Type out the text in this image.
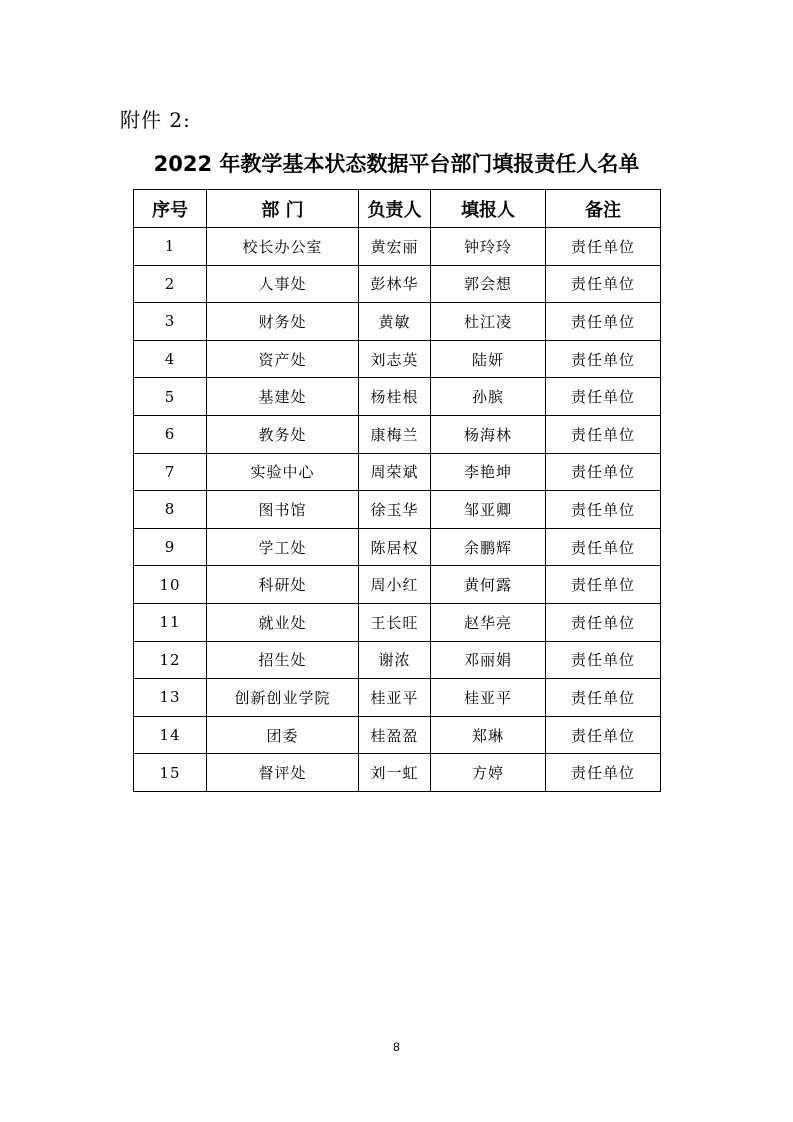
附件 2:
2022 年教学基本状态数据平台部门填报责任人名单
序号	部 门	负责人	填报人	备注
1	校长办公室	黄宏丽	钟玲玲	责任单位
2	人事处	彭林华	郭会想	责任单位
3	财务处	黄敏	杜江凌	责任单位
4	资产处	刘志英	陆妍	责任单位
5	基建处	杨桂根	孙膑	责任单位
6	教务处	康梅兰	杨海林	责任单位
7	实验中心	周荣斌	李艳坤	责任单位
8	图书馆	徐玉华	邹亚卿	责任单位
9	学工处	陈居权	余鹏辉	责任单位
10	科研处	周小红	黄何露	责任单位
11	就业处	王长旺	赵华亮	责任单位
12	招生处	谢浓	邓丽娟	责任单位
13	创新创业学院	桂亚平	桂亚平	责任单位
14	团委	桂盈盈	郑琳	责任单位
15	督评处	刘一虹	方婷	责任单位
8
